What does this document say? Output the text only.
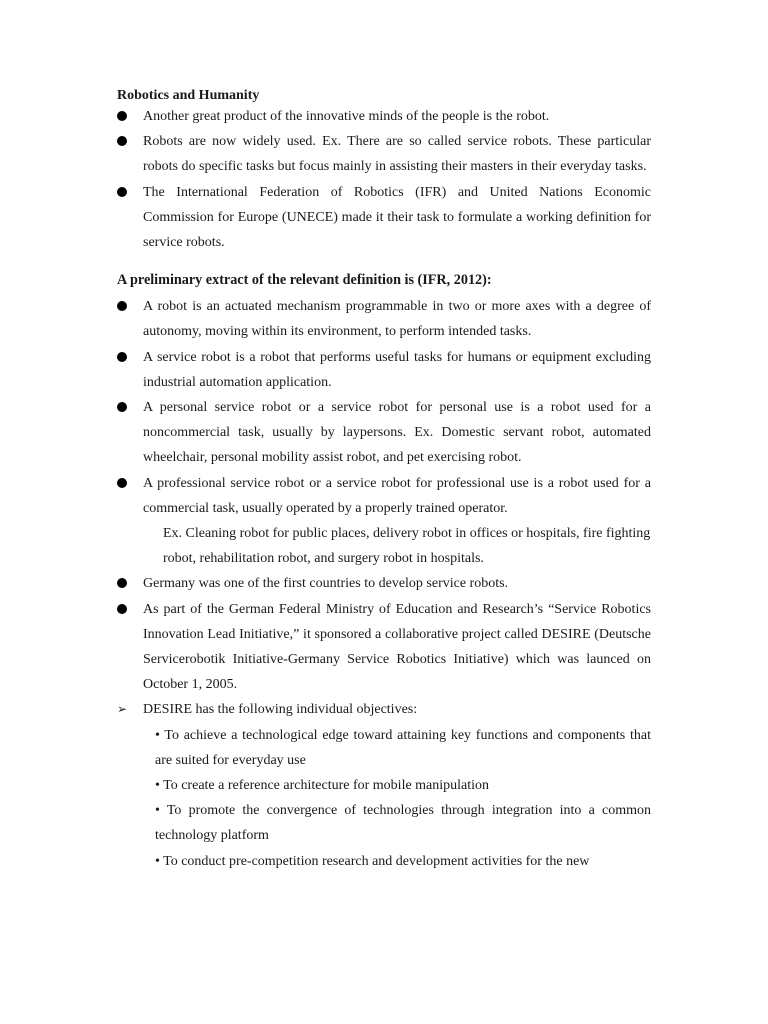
Robotics and Humanity

Another great product of the innovative minds of the people is the robot.
Robots are now widely used. Ex. There are so called service robots. These particular robots do specific tasks but focus mainly in assisting their masters in their everyday tasks.
The International Federation of Robotics (IFR) and United Nations Economic Commission for Europe (UNECE) made it their task to formulate a working definition for service robots.

A preliminary extract of the relevant definition is (IFR, 2012):

A robot is an actuated mechanism programmable in two or more axes with a degree of autonomy, moving within its environment, to perform intended tasks.
A service robot is a robot that performs useful tasks for humans or equipment excluding industrial automation application.
A personal service robot or a service robot for personal use is a robot used for a noncommercial task, usually by laypersons. Ex. Domestic servant robot, automated wheelchair, personal mobility assist robot, and pet exercising robot.
A professional service robot or a service robot for professional use is a robot used for a commercial task, usually operated by a properly trained operator.
Ex. Cleaning robot for public places, delivery robot in offices or hospitals, fire fighting robot, rehabilitation robot, and surgery robot in hospitals.
Germany was one of the first countries to develop service robots.
As part of the German Federal Ministry of Education and Research’s “Service Robotics Innovation Lead Initiative,” it sponsored a collaborative project called DESIRE (Deutsche Servicerobotik Initiative-Germany Service Robotics Initiative) which was launced on October 1, 2005.
➢ DESIRE has the following individual objectives:
• To achieve a technological edge toward attaining key functions and components that are suited for everyday use
• To create a reference architecture for mobile manipulation
• To promote the convergence of technologies through integration into a common technology platform
• To conduct pre-competition research and development activities for the new
